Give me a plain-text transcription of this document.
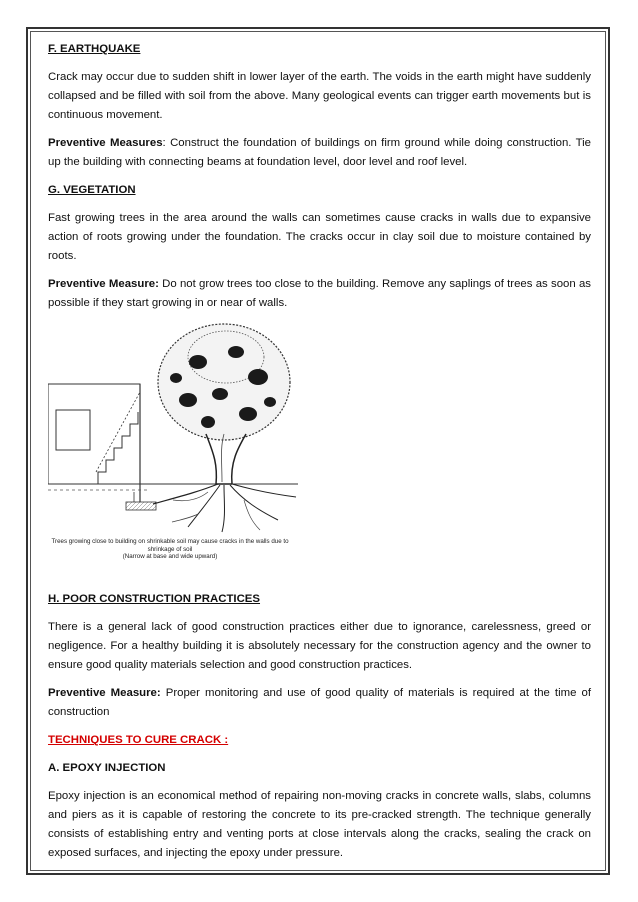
F. EARTHQUAKE

Crack may occur due to sudden shift in lower layer of the earth. The voids in the earth might have suddenly collapsed and be filled with soil from the above. Many geological events can trigger earth movements but is continuous movement.

Preventive Measures: Construct the foundation of buildings on firm ground while doing construction. Tie up the building with connecting beams at foundation level, door level and roof level.

G. VEGETATION

Fast growing trees in the area around the walls can sometimes cause cracks in walls due to expansive action of roots growing under the foundation. The cracks occur in clay soil due to moisture contained by roots.

Preventive Measure: Do not grow trees too close to the building. Remove any saplings of trees as soon as possible if they start growing in or near of walls.

Trees growing close to building on shrinkable soil may cause cracks in the walls due to
shrinkage of soil
(Narrow at base and wide upward)
H. POOR CONSTRUCTION PRACTICES

There is a general lack of good construction practices either due to ignorance, carelessness, greed or negligence. For a healthy building it is absolutely necessary for the construction agency and the owner to ensure good quality materials selection and good construction practices.

Preventive Measure: Proper monitoring and use of good quality of materials is required at the time of construction

TECHNIQUES TO CURE CRACK :
A. EPOXY INJECTION

Epoxy injection is an economical method of repairing non-moving cracks in concrete walls, slabs, columns and piers as it is capable of restoring the concrete to its pre-cracked strength. The technique generally consists of establishing entry and venting ports at close intervals along the cracks, sealing the crack on exposed surfaces, and injecting the epoxy under pressure.
